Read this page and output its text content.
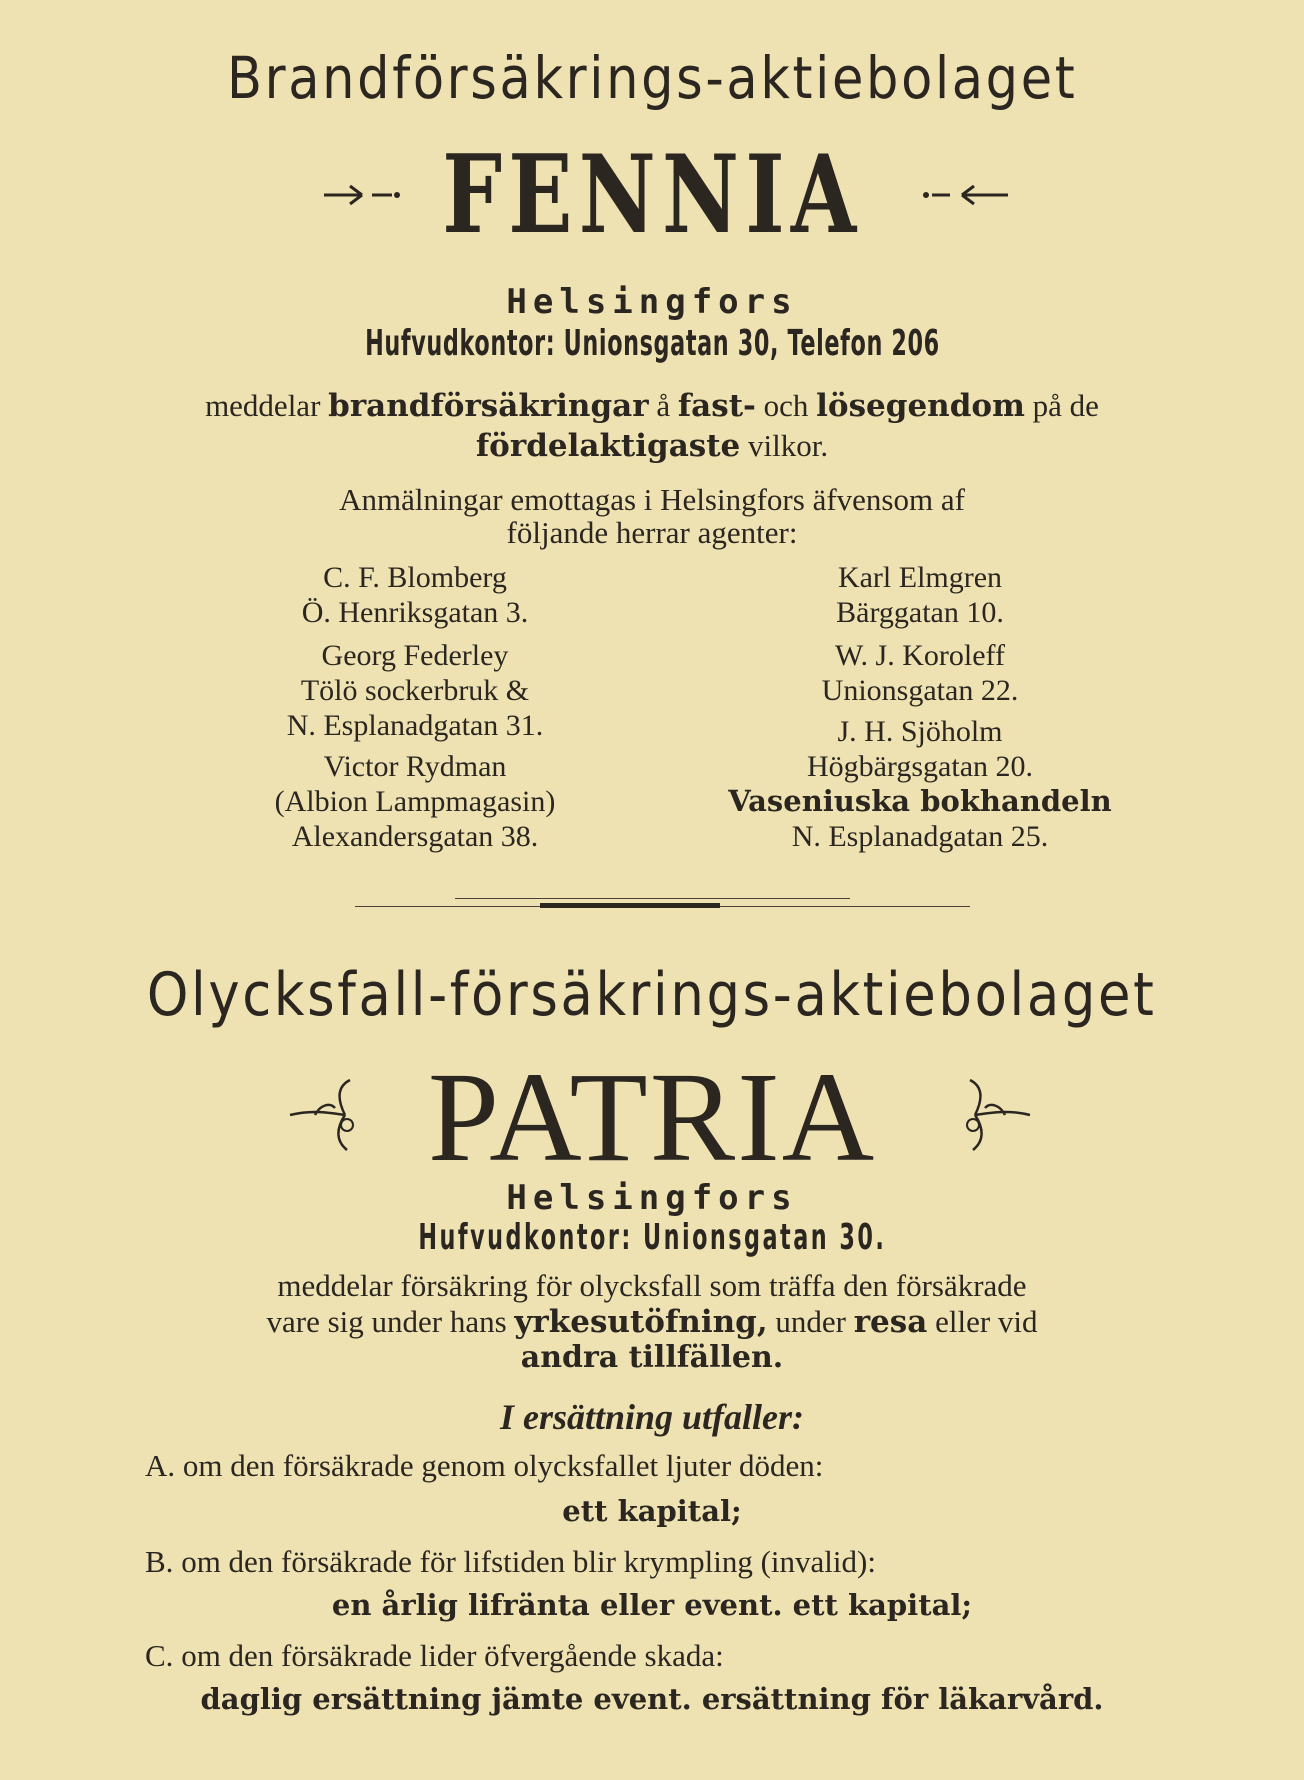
Brandförsäkrings-aktiebolaget
FENNIA
Helsingfors
Hufvudkontor: Unionsgatan 30, Telefon 206
meddelar brandförsäkringar å fast- och lösegendom på de
fördelaktigaste vilkor.
Anmälningar emottagas i Helsingfors äfvensom af
följande herrar agenter:
C. F. Blomberg
Ö. Henriksgatan 3.
Georg Federley
Tölö sockerbruk &
N. Esplanadgatan 31.
Victor Rydman
(Albion Lampmagasin)
Alexandersgatan 38.
Karl Elmgren
Bärggatan 10.
W. J. Koroleff
Unionsgatan 22.
J. H. Sjöholm
Högbärgsgatan 20.
Vaseniuska bokhandeln
N. Esplanadgatan 25.
Olycksfall-försäkrings-aktiebolaget
PATRIA
Helsingfors
Hufvudkontor: Unionsgatan 30.
meddelar försäkring för olycksfall som träffa den försäkrade
vare sig under hans yrkesutöfning, under resa eller vid
andra tillfällen.
I ersättning utfaller:
A. om den försäkrade genom olycksfallet ljuter döden:
ett kapital;
B. om den försäkrade för lifstiden blir krympling (invalid):
en årlig lifränta eller event. ett kapital;
C. om den försäkrade lider öfvergående skada:
daglig ersättning jämte event. ersättning för läkarvård.
